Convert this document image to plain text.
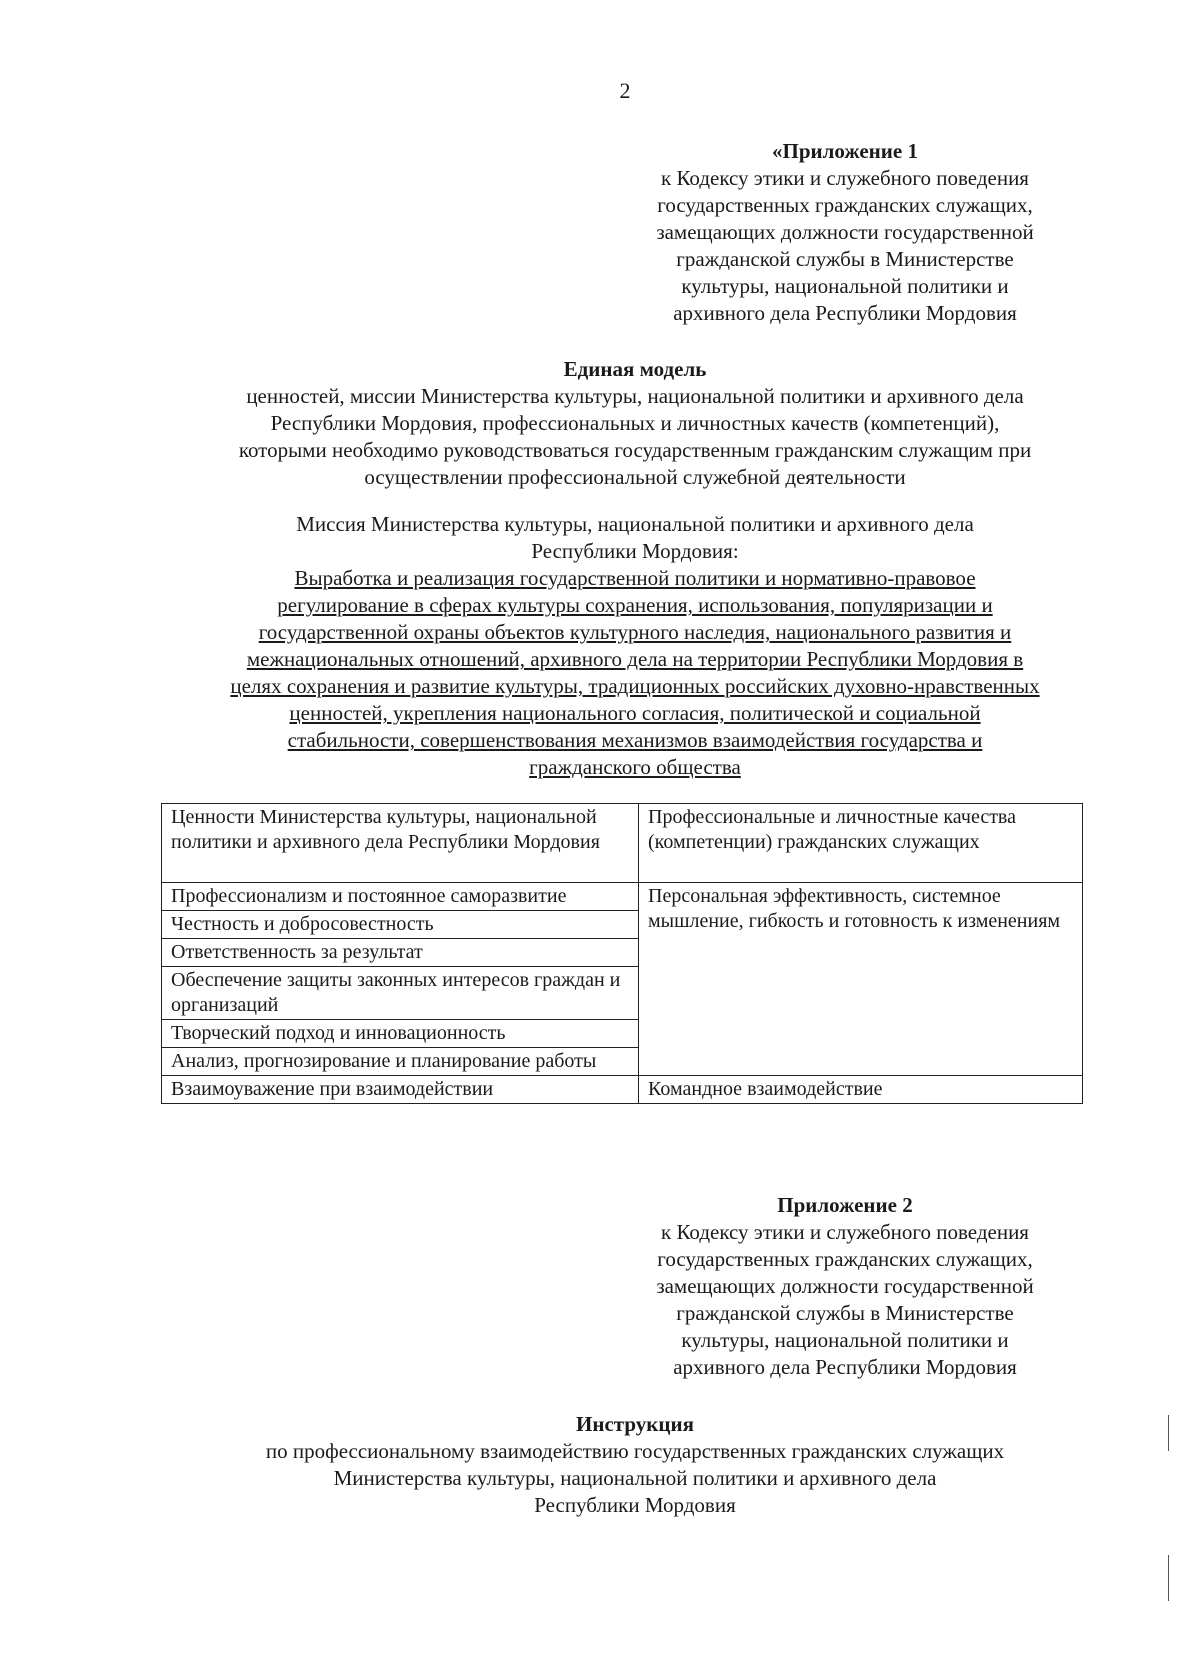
2
«Приложение 1
к Кодексу этики и служебного поведения
государственных гражданских служащих,
замещающих должности государственной
гражданской службы в Министерстве
культуры, национальной политики и
архивного дела Республики Мордовия
Единая модель
ценностей, миссии Министерства культуры, национальной политики и архивного дела
Республики Мордовия, профессиональных и личностных качеств (компетенций),
которыми необходимо руководствоваться государственным гражданским служащим при
осуществлении профессиональной служебной деятельности
Миссия Министерства культуры, национальной политики и архивного дела
Республики Мордовия:
Выработка и реализация государственной политики и нормативно-правовое
регулирование в сферах культуры сохранения, использования, популяризации и
государственной охраны объектов культурного наследия, национального развития и
межнациональных отношений, архивного дела на территории Республики Мордовия в
целях сохранения и развитие культуры, традиционных российских духовно-нравственных
ценностей, укрепления национального согласия, политической и социальной
стабильности, совершенствования механизмов взаимодействия государства и
гражданского общества
Ценности Министерства культуры, национальной политики и архивного дела Республики Мордовия	Профессиональные и личностные качества (компетенции) гражданских служащих
Профессионализм и постоянное саморазвитие	Персональная эффективность, системное мышление, гибкость и готовность к изменениям
Честность и добросовестность	
Ответственность за результат	
Обеспечение защиты законных интересов граждан и организаций	
Творческий подход и инновационность	
Анализ, прогнозирование и планирование работы	
Взаимоуважение при взаимодействии	Командное взаимодействие
Приложение 2
к Кодексу этики и служебного поведения
государственных гражданских служащих,
замещающих должности государственной
гражданской службы в Министерстве
культуры, национальной политики и
архивного дела Республики Мордовия
Инструкция
по профессиональному взаимодействию государственных гражданских служащих
Министерства культуры, национальной политики и архивного дела
Республики Мордовия
